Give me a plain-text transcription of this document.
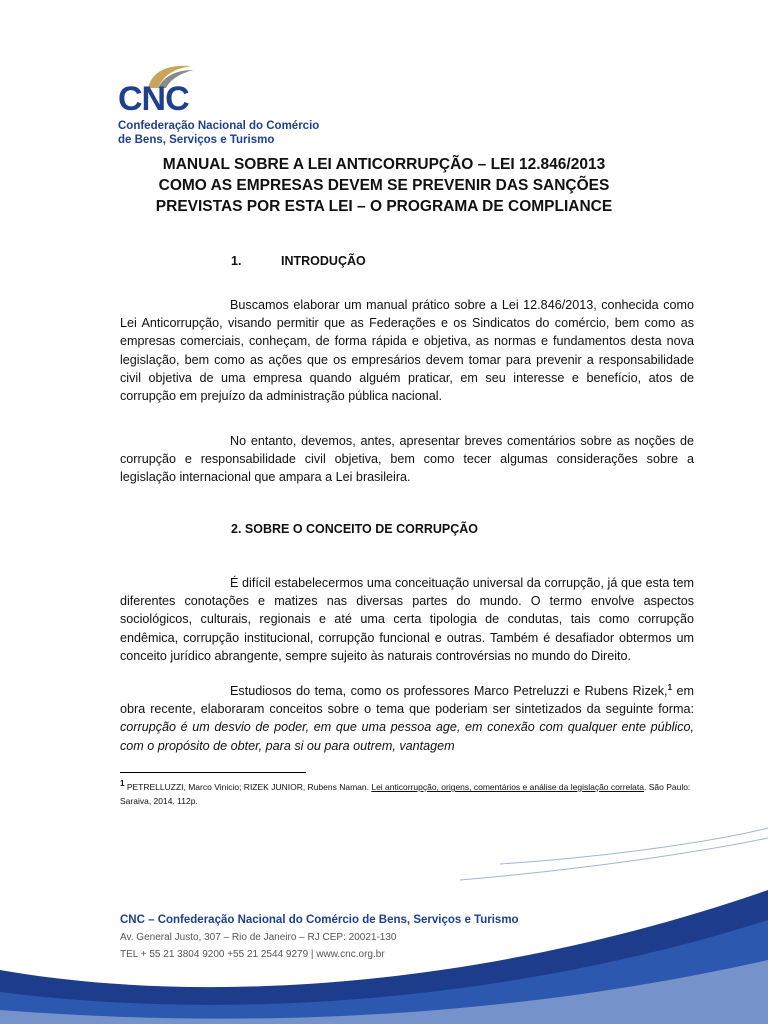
CNC
Confederação Nacional do Comércio
de Bens, Serviços e Turismo
MANUAL SOBRE A LEI ANTICORRUPÇÃO – LEI 12.846/2013
COMO AS EMPRESAS DEVEM SE PREVENIR DAS SANÇÕES
PREVISTAS POR ESTA LEI – O PROGRAMA DE COMPLIANCE
1.	INTRODUÇÃO
Buscamos elaborar um manual prático sobre a Lei 12.846/2013, conhecida como Lei Anticorrupção, visando permitir que as Federações e os Sindicatos do comércio, bem como as empresas comerciais, conheçam, de forma rápida e objetiva, as normas e fundamentos desta nova legislação, bem como as ações que os empresários devem tomar para prevenir a responsabilidade civil objetiva de uma empresa quando alguém praticar, em seu interesse e benefício, atos de corrupção em prejuízo da administração pública nacional.
No entanto, devemos, antes, apresentar breves comentários sobre as noções de corrupção e responsabilidade civil objetiva, bem como tecer algumas considerações sobre a legislação internacional que ampara a Lei brasileira.
2. SOBRE O CONCEITO DE CORRUPÇÃO
É difícil estabelecermos uma conceituação universal da corrupção, já que esta tem diferentes conotações e matizes nas diversas partes do mundo. O termo envolve aspectos sociológicos, culturais, regionais e até uma certa tipologia de condutas, tais como corrupção endêmica, corrupção institucional, corrupção funcional e outras. Também é desafiador obtermos um conceito jurídico abrangente, sempre sujeito às naturais controvérsias no mundo do Direito.
Estudiosos do tema, como os professores Marco Petreluzzi e Rubens Rizek,$^1$ em obra recente, elaboraram conceitos sobre o tema que poderiam ser sintetizados da seguinte forma: corrupção é um desvio de poder, em que uma pessoa age, em conexão com qualquer ente público, com o propósito de obter, para si ou para outrem, vantagem
$^1$ PETRELLUZZI, Marco Vinicio; RIZEK JUNIOR, Rubens Naman. Lei anticorrupção, origens, comentários e análise da legislação correlata. São Paulo: Saraiva, 2014. 112p.
CNC – Confederação Nacional do Comércio de Bens, Serviços e Turismo
Av. General Justo, 307 – Rio de Janeiro – RJ CEP: 20021-130
TEL + 55 21 3804 9200 +55 21 2544 9279 | www.cnc.org.br
